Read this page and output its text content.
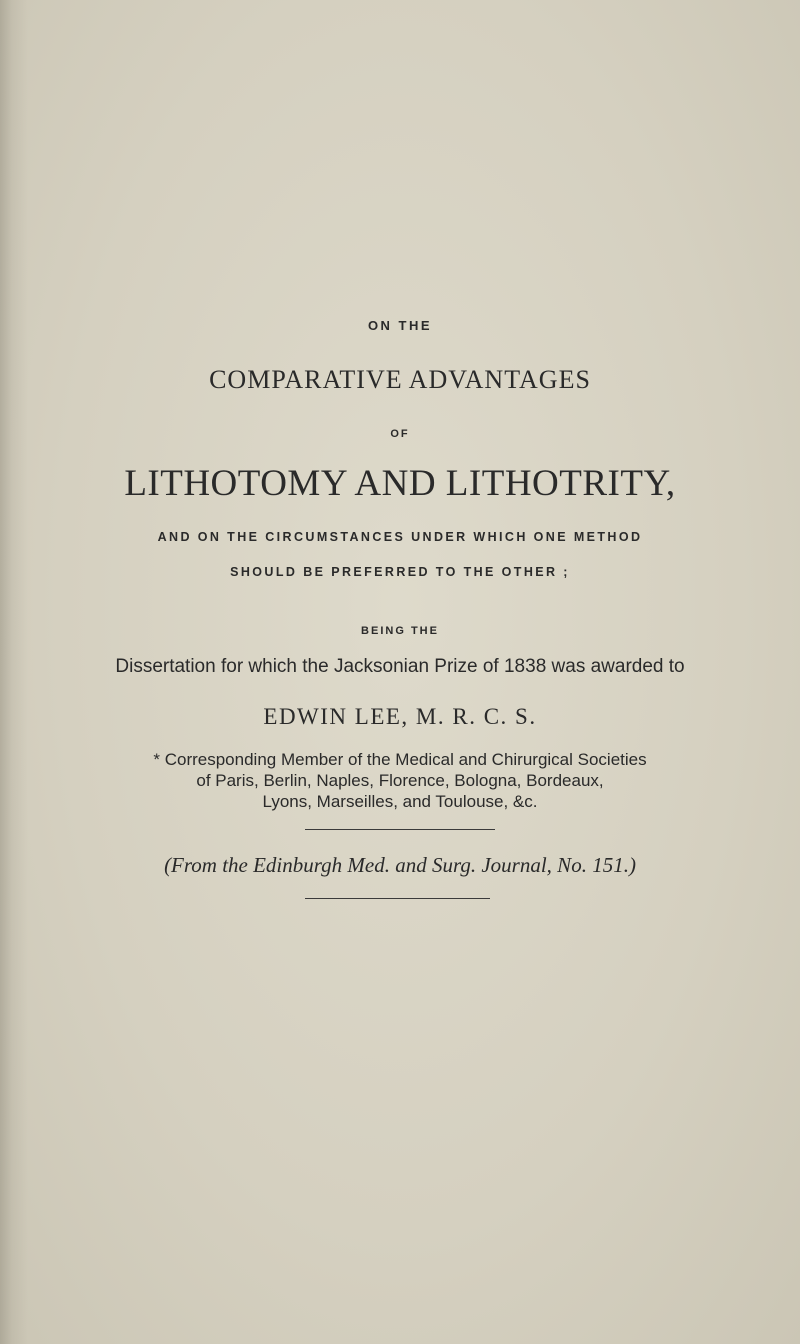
ON THE
COMPARATIVE ADVANTAGES
OF
LITHOTOMY AND LITHOTRITY,
AND ON THE CIRCUMSTANCES UNDER WHICH ONE METHOD
SHOULD BE PREFERRED TO THE OTHER ;
BEING THE
Dissertation for which the Jacksonian Prize of 1838 was awarded to
EDWIN LEE, M. R. C. S.
* Corresponding Member of the Medical and Chirurgical Societies
of Paris, Berlin, Naples, Florence, Bologna, Bordeaux,
Lyons, Marseilles, and Toulouse, &c.
(From the Edinburgh Med. and Surg. Journal, No. 151.)
